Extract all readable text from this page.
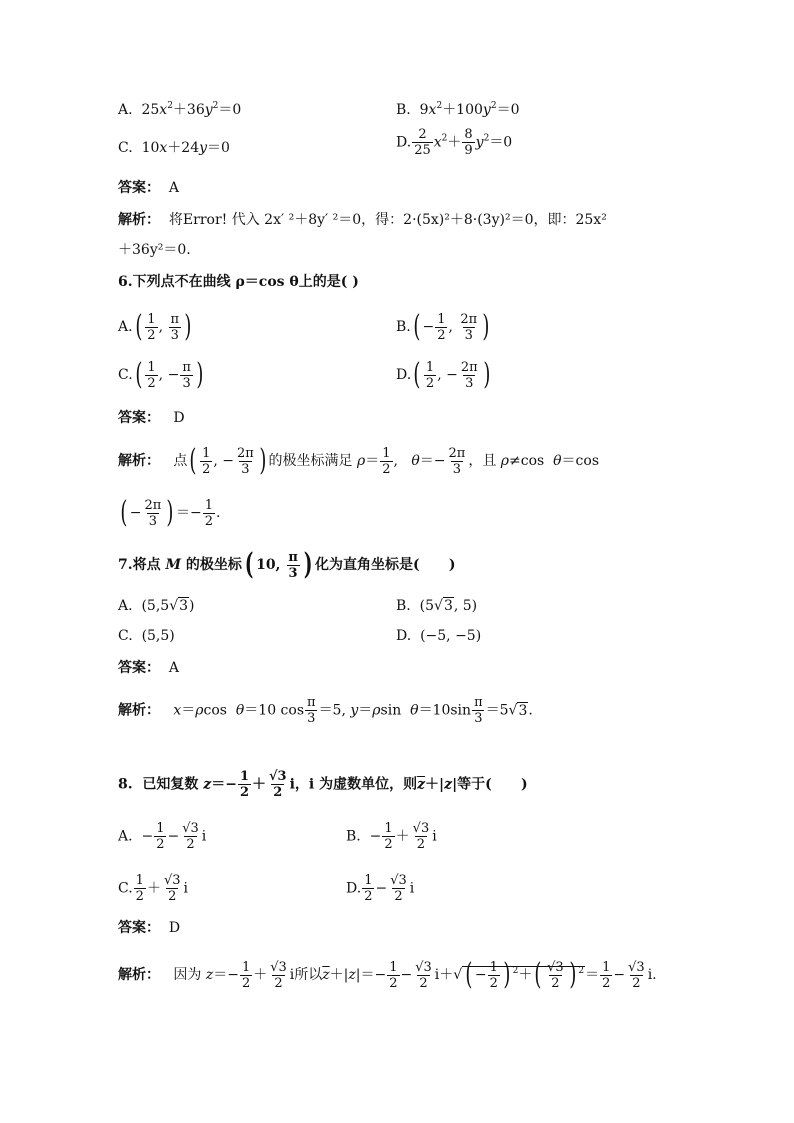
A.  $25x^2+36y^2=0$	B.  $9x^2+100y^2=0$
C.  10x＋24y＝0	D. $\frac{2}{25} x^2+ \frac{8}{9} y^2=0$
答案： A
解析： 将Error! 代入 2x′ ²＋8y′ ²＝0，得：2·(5x)²＋8·(3y)²＝0，即：25x²
＋36y²＝0.
6.下列点不在曲线 ρ＝cos θ上的是( )
$A.( \frac{1}{2}$ , $\frac{\pi}{3}$ )	$B.( - \frac{1}{2}$ , $\frac{2\pi}{3}$ )
$C.( \frac{1}{2}$ , − $\frac{\pi}{3}$ )	$D.( \frac{1}{2}$ , − $\frac{2\pi}{3}$ )
答案： D
解析：   点( $\frac{1}{2}$ , − $\frac{2\pi}{3}$ ) 的极坐标满足 $\rho= \frac{1}{2}$ ,   $\theta=- \frac{2\pi}{3}$ ，且 ρ≠cos  θ＝cos
( − $\frac{2\pi}{3}$ ) ＝− $\frac{1}{2}$ .
7.将点 M 的极坐标( 10, $\frac{\pi}{3}$ ) 化为直角坐标是(      )
A.  (5,5√3)	B.  (5√3, 5)
C.  (5,5)	D.  (−5, −5)
答案： A
解析： x＝ρcos  θ＝10 $\cos \frac{\pi}{3} =5$, y＝ρsin  $\theta=10\sin \frac{\pi}{3} =5√3$.
8.  已知复数 $z=- \frac{1}{2} + \frac{√3}{2}$ i，i 为虚数单位，则$\overline{z}+|z|$等于(      )
A.  − $\frac{1}{2} - \frac{√3}{2}$ i	B.  − $\frac{1}{2} + \frac{√3}{2}$ i
C. $\frac{1}{2} + \frac{√3}{2}$ i	D. $\frac{1}{2} - \frac{√3}{2}$ i
答案： D
解析：   因为 $z=- \frac{1}{2} + \frac{√3}{2}$ i所以$\overline{z}+|z|=- \frac{1}{2} - \frac{√3}{2} i+√$ ( − $\frac{1}{2}$ ) $^2+( \frac{√3}{2}$ ) $^2= \frac{1}{2} - \frac{√3}{2} i$.
